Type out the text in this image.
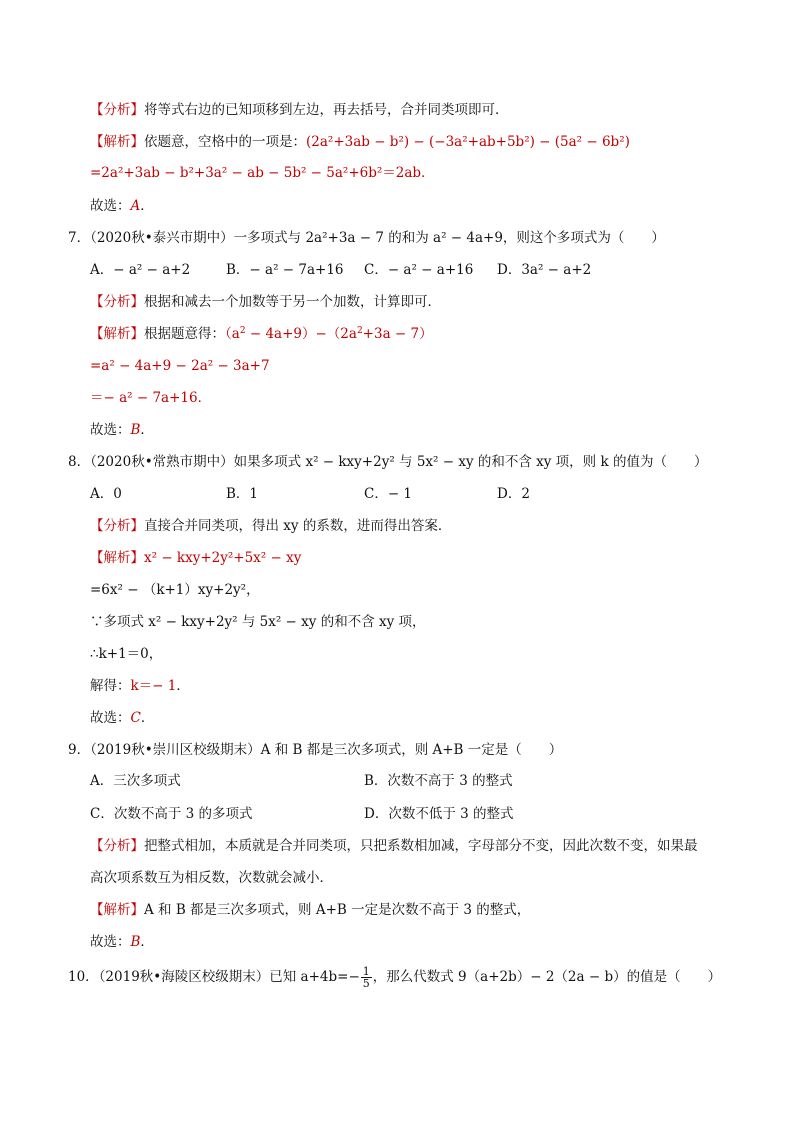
【分析】将等式右边的已知项移到左边，再去括号，合并同类项即可．
【解析】依题意，空格中的一项是：(2a²+3ab − b²) − (−3a²+ab+5b²) − (5a² − 6b²)
=2a²+3ab − b²+3a² − ab − 5b² − 5a²+6b²＝2ab．
故选：A．
7．（2020秋•泰兴市期中）一多项式与 2a²+3a − 7 的和为 a² − 4a+9，则这个多项式为（　　）
A．− a² − a+2	B．− a² − 7a+16 C．− a² − a+16 D．3a² − a+2
【分析】根据和减去一个加数等于另一个加数，计算即可．
【解析】根据题意得：$(a^2 - 4a+9)-(2a^2+3a - 7)$
=a² − 4a+9 − 2a² − 3a+7
＝− a² − 7a+16．
故选：B．
8．（2020秋•常熟市期中）如果多项式 x² − kxy+2y² 与 5x² − xy 的和不含 xy 项，则 k 的值为（　　）
A．0	B．1	C．− 1	D．2
【分析】直接合并同类项，得出 xy 的系数，进而得出答案．
【解析】x² − kxy+2y²+5x² − xy
=6x² − （k+1）xy+2y²，
∵多项式 x² − kxy+2y² 与 5x² − xy 的和不含 xy 项，
∴k+1＝0，
解得：k＝− 1．
故选：C．
9．（2019秋•崇川区校级期末）A 和 B 都是三次多项式，则 A+B 一定是（　　）
A．三次多项式	B．次数不高于 3 的整式
C．次数不高于 3 的多项式	D．次数不低于 3 的整式
【分析】把整式相加，本质就是合并同类项，只把系数相加减，字母部分不变，因此次数不变，如果最
高次项系数互为相反数，次数就会减小．
【解析】A 和 B 都是三次多项式，则 A+B 一定是次数不高于 3 的整式，
故选：B．
10．（2019秋•海陵区校级期末）已知 $a+4b=- \frac{1}{5}$ ，那么代数式 9（a+2b）− 2（2a − b）的值是（　　）
